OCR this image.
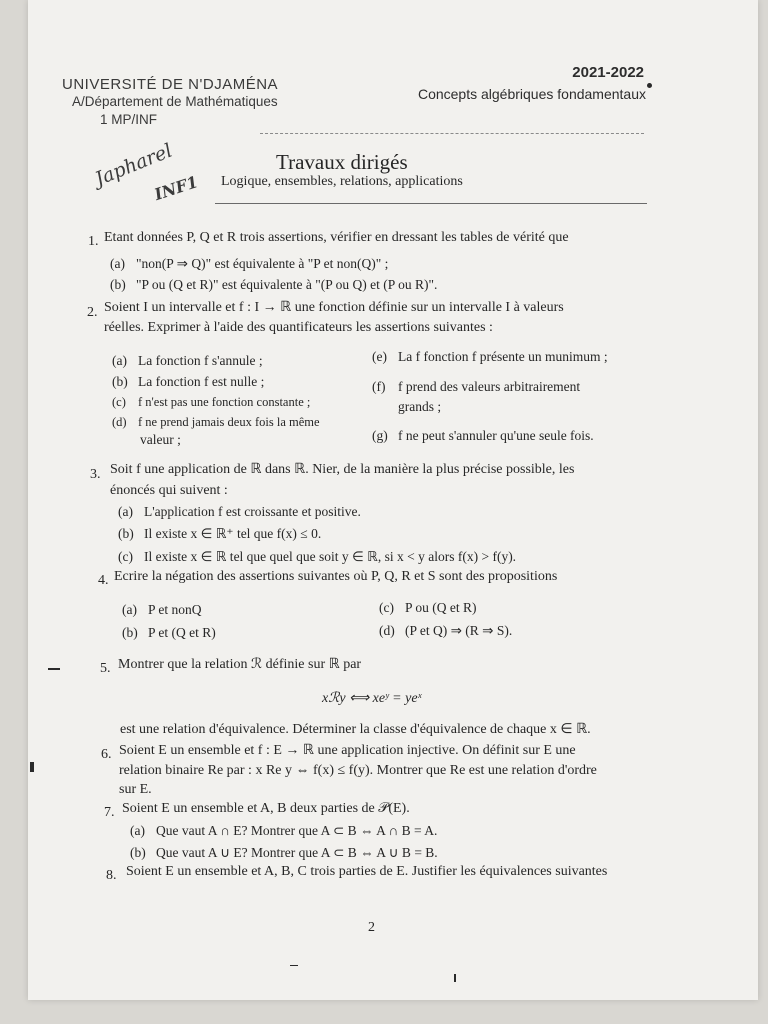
UNIVERSITÉ DE N'DJAMÉNA
A/Département de Mathématiques
1 MP/INF
2021-2022
Concepts algébriques fondamentaux
Travaux dirigés
Logique, ensembles, relations, applications
Japharel
INF1
1. Etant données P, Q et R trois assertions, vérifier en dressant les tables de vérité que
(a) "non(P ⇒ Q)" est équivalente à "P et non(Q)" ;
(b) "P ou (Q et R)" est équivalente à "(P ou Q) et (P ou R)".
2. Soient I un intervalle et f : I → ℝ une fonction définie sur un intervalle I à valeurs
réelles. Exprimer à l'aide des quantificateurs les assertions suivantes :
(a) La fonction f s'annule ;
(b) La fonction f est nulle ;
(c) f n'est pas une fonction constante ;
(d) f ne prend jamais deux fois la même
valeur ;
(e) La f fonction f présente un munimum ;
(f) f prend des valeurs arbitrairement
grands ;
(g) f ne peut s'annuler qu'une seule fois.
3. Soit f une application de ℝ dans ℝ. Nier, de la manière la plus précise possible, les
énoncés qui suivent :
(a) L'application f est croissante et positive.
(b) Il existe x ∈ ℝ⁺ tel que f(x) ≤ 0.
(c) Il existe x ∈ ℝ tel que quel que soit y ∈ ℝ, si x < y alors f(x) > f(y).
4. Ecrire la négation des assertions suivantes où P, Q, R et S sont des propositions
(a) P et nonQ
(b) P et (Q et R)
(c) P ou (Q et R)
(d) (P et Q) ⇒ (R ⇒ S).
5. Montrer que la relation ℛ définie sur ℝ par
xℛy ⟺ xeʸ = yeˣ
est une relation d'équivalence. Déterminer la classe d'équivalence de chaque x ∈ ℝ.
6. Soient E un ensemble et f : E → ℝ une application injective. On définit sur E une
relation binaire Re par : x Re y ⇔ f(x) ≤ f(y). Montrer que Re est une relation d'ordre
sur E.
7. Soient E un ensemble et A, B deux parties de 𝒫(E).
(a) Que vaut A ∩ E? Montrer que A ⊂ B ⇔ A ∩ B = A.
(b) Que vaut A ∪ E? Montrer que A ⊂ B ⇔ A ∪ B = B.
8. Soient E un ensemble et A, B, C trois parties de E. Justifier les équivalences suivantes
2
